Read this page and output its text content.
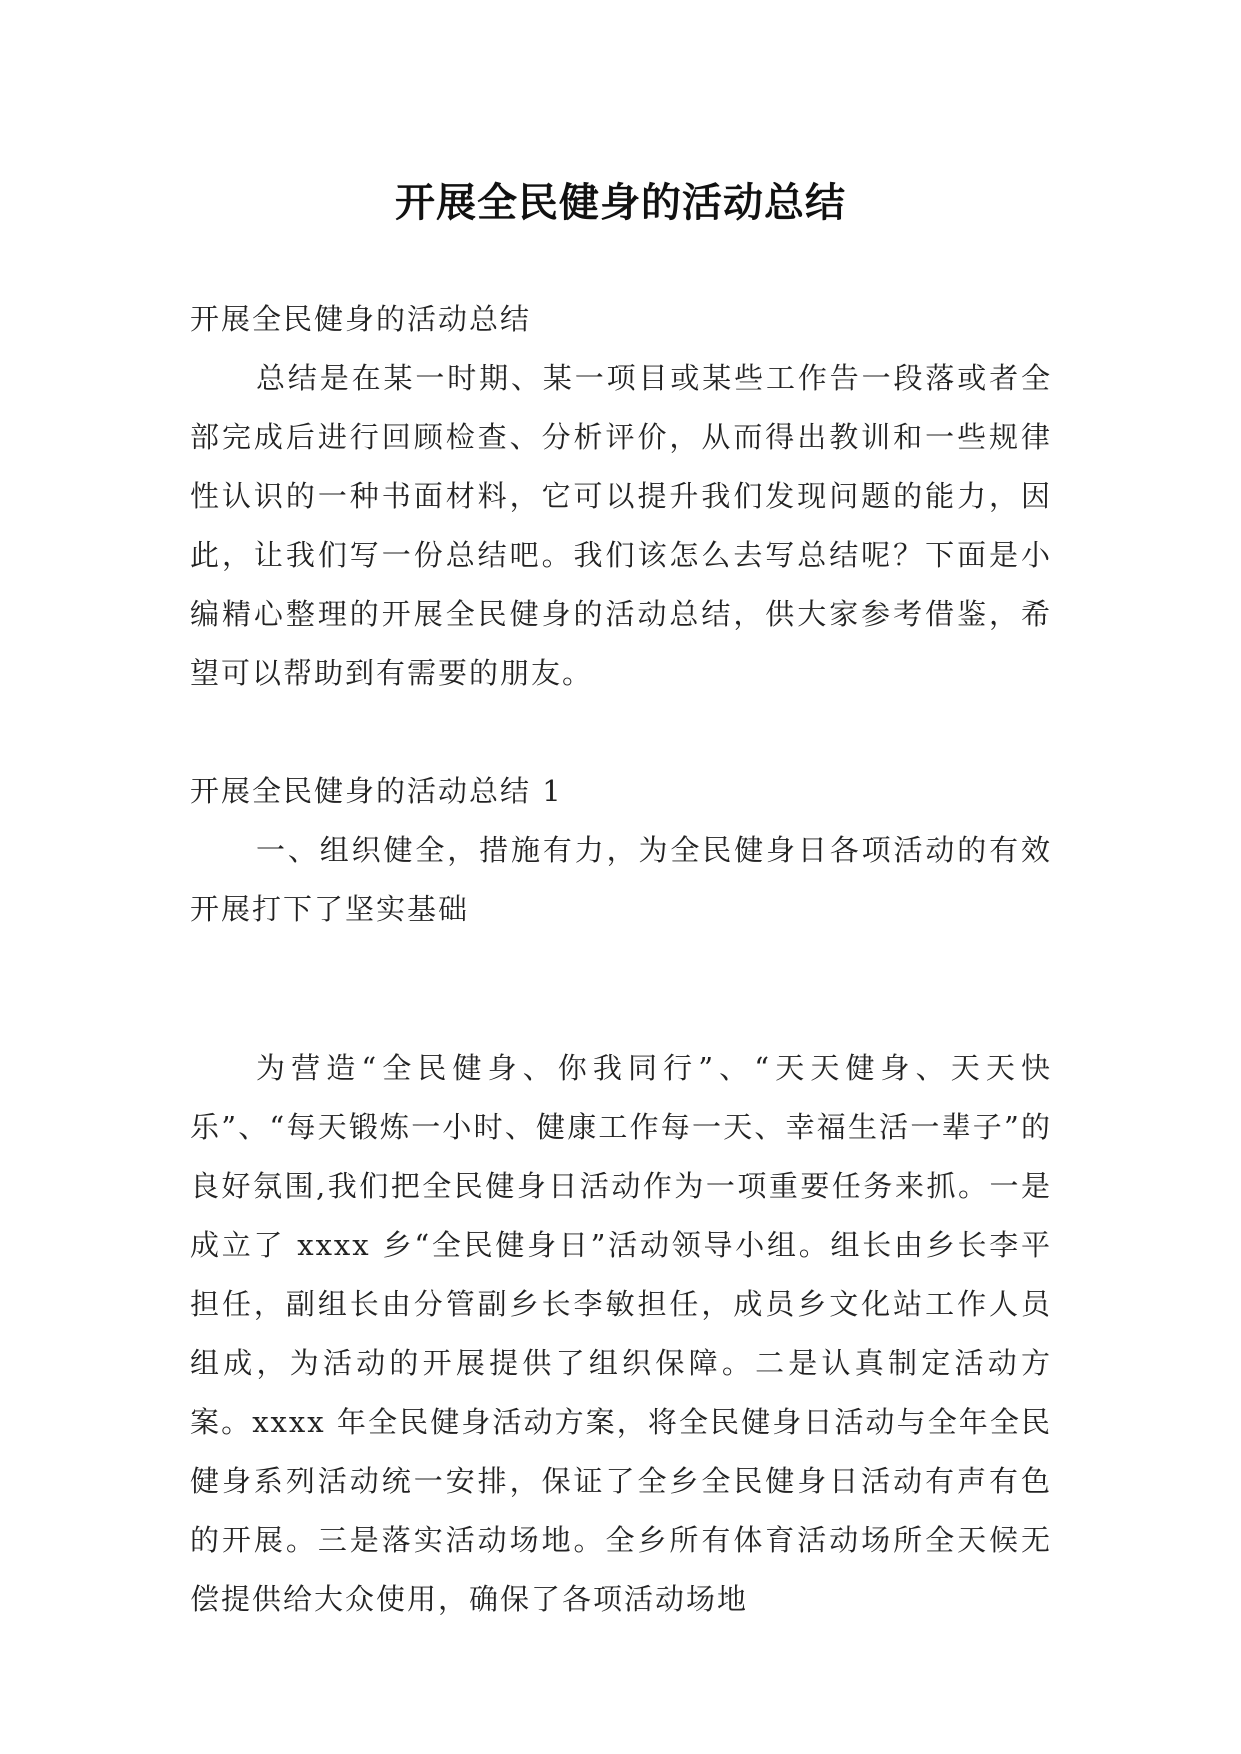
开展全民健身的活动总结

开展全民健身的活动总结

总结是在某一时期、某一项目或某些工作告一段落或者全部完成后进行回顾检查、分析评价，从而得出教训和一些规律性认识的一种书面材料，它可以提升我们发现问题的能力，因此，让我们写一份总结吧。我们该怎么去写总结呢？下面是小编精心整理的开展全民健身的活动总结，供大家参考借鉴，希望可以帮助到有需要的朋友。

开展全民健身的活动总结 1

一、组织健全，措施有力，为全民健身日各项活动的有效开展打下了坚实基础

为营造“全民健身、你我同行”、“天天健身、天天快乐”、“每天锻炼一小时、健康工作每一天、幸福生活一辈子”的良好氛围,我们把全民健身日活动作为一项重要任务来抓。一是成立了 xxxx 乡“全民健身日”活动领导小组。组长由乡长李平担任，副组长由分管副乡长李敏担任，成员乡文化站工作人员组成，为活动的开展提供了组织保障。二是认真制定活动方案。xxxx 年全民健身活动方案，将全民健身日活动与全年全民健身系列活动统一安排，保证了全乡全民健身日活动有声有色的开展。三是落实活动场地。全乡所有体育活动场所全天候无偿提供给大众使用，确保了各项活动场地
